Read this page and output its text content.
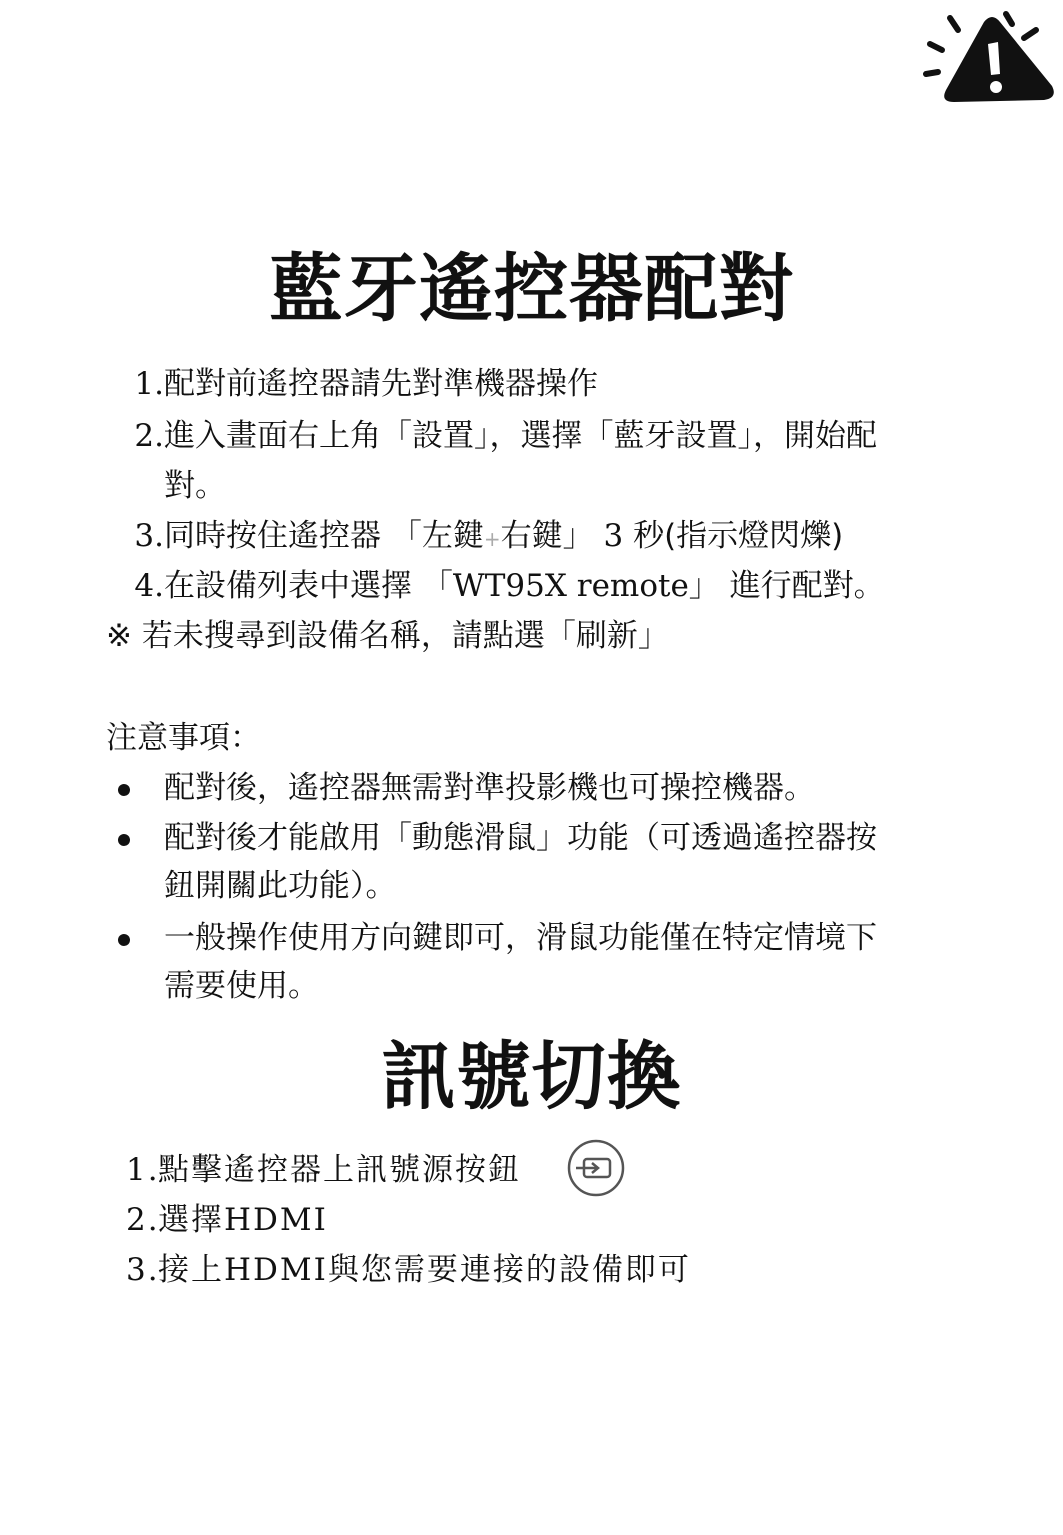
藍牙遙控器配對

1.配對前遙控器請先對準機器操作

2.進入畫面右上角「設置」，選擇「藍牙設置」，開始配

對。

3.同時按住遙控器 「左鍵+右鍵」 3 秒(指示燈閃爍)

4.在設備列表中選擇 「WT95X remote」 進行配對。

※ 若未搜尋到設備名稱，請點選「刷新」

注意事項：

配對後，遙控器無需對準投影機也可操控機器。

配對後才能啟用「動態滑鼠」功能（可透過遙控器按

鈕開關此功能）。

一般操作使用方向鍵即可，滑鼠功能僅在特定情境下

需要使用。

訊號切換

1.點擊遙控器上訊號源按鈕

2.選擇HDMI

3.接上HDMI與您需要連接的設備即可
